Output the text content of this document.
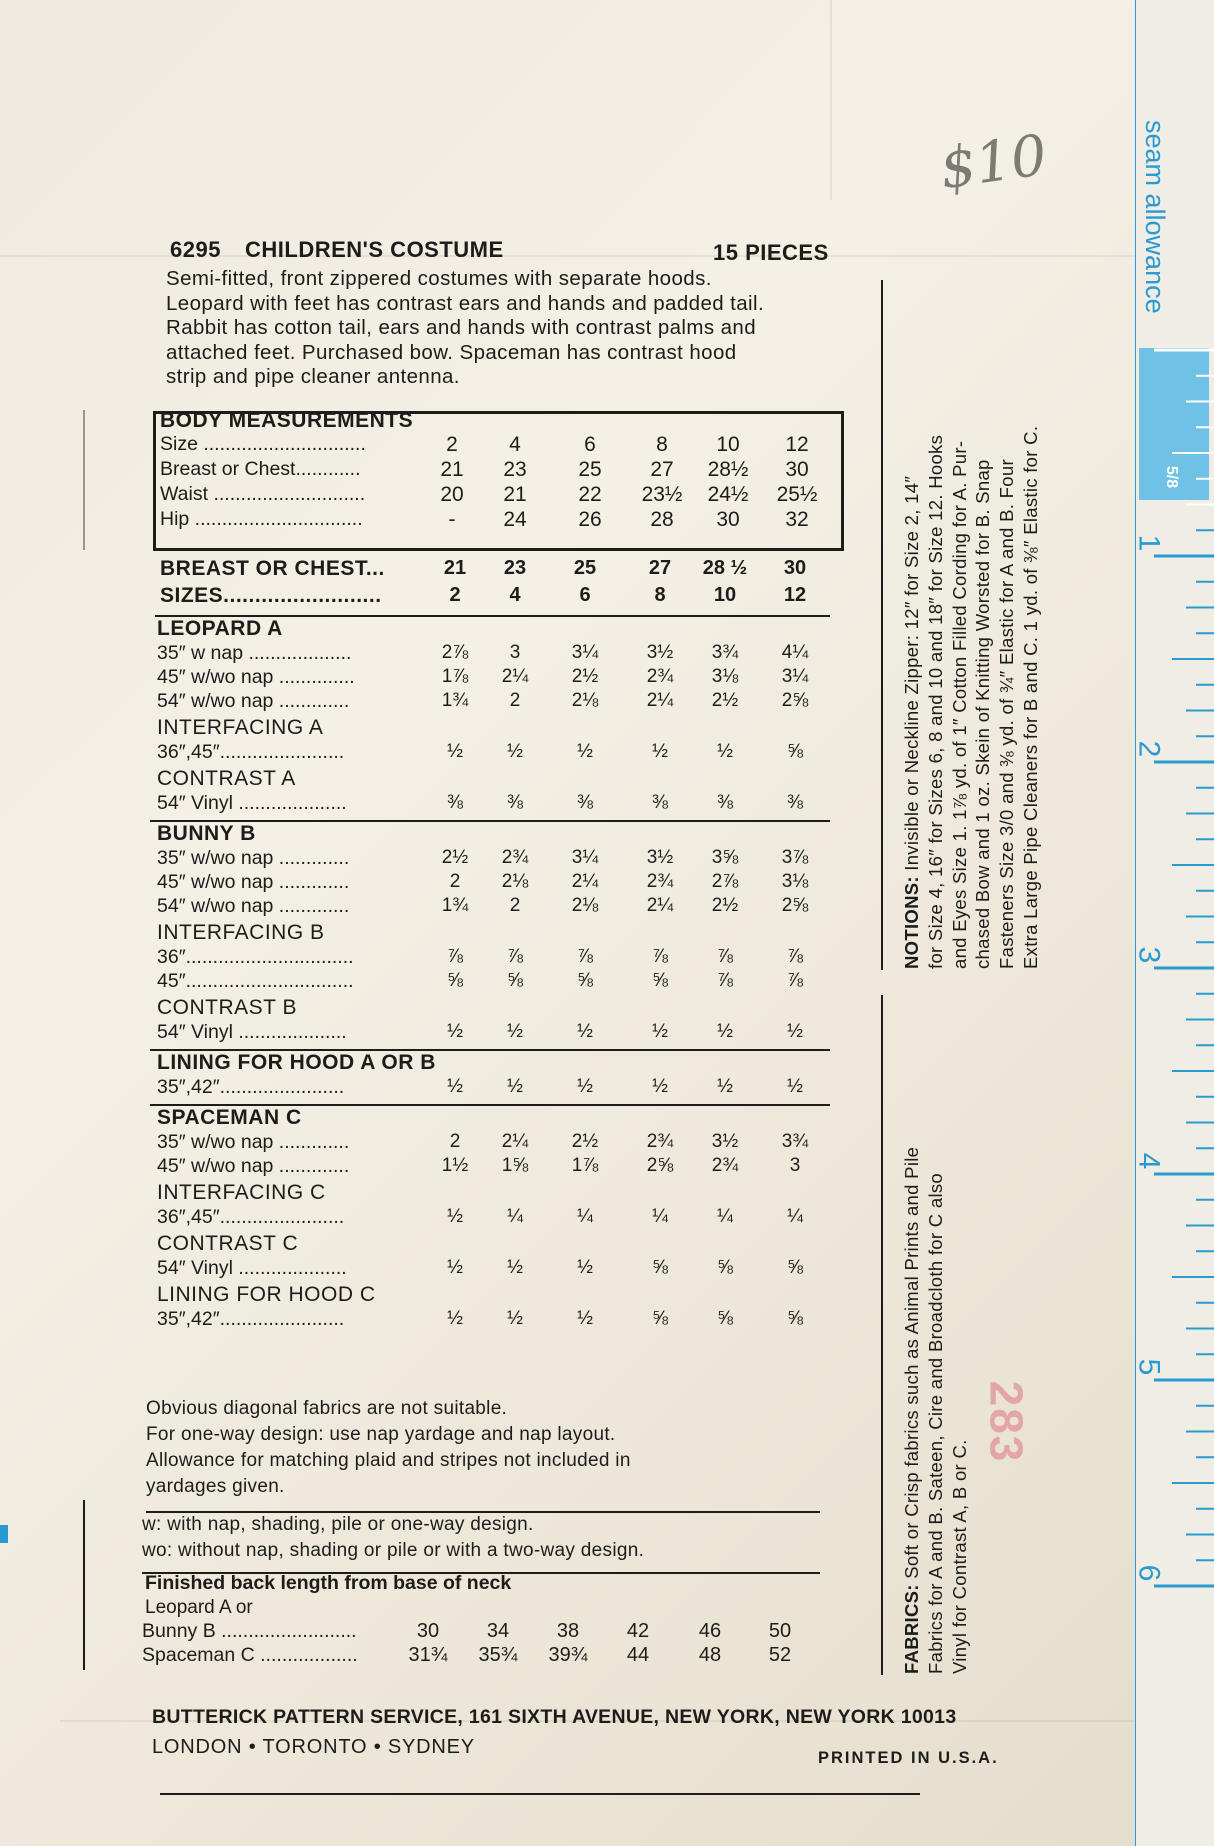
$10
283
6295 CHILDREN'S COSTUME	15 PIECES
Semi-fitted, front zippered costumes with separate hoods.
Leopard with feet has contrast ears and hands and padded tail.
Rabbit has cotton tail, ears and hands with contrast palms and
attached feet. Purchased bow. Spaceman has contrast hood
strip and pipe cleaner antenna.
BODY MEASUREMENTS
Size ..............................	2	4	6	8	10	12
Breast or Chest............	21	23	25	27	28½	30
Waist ............................	20	21	22	23½	24½	25½
Hip ...............................	-	24	26	28	30	32
BREAST OR CHEST...	21	23	25	27	28 ½	30
SIZES.........................	2	4	6	8	10	12
LEOPARD A
35″ w nap ...................	2⅞	3	3¼	3½	3¾	4¼
45″ w/wo nap ..............	1⅞	2¼	2½	2¾	3⅛	3¼
54″ w/wo nap .............	1¾	2	2⅛	2¼	2½	2⅝
INTERFACING A
36″,45″.......................	½	½	½	½	½	⅝
CONTRAST A
54″ Vinyl ....................	⅜	⅜	⅜	⅜	⅜	⅜
BUNNY B
35″ w/wo nap .............	2½	2¾	3¼	3½	3⅝	3⅞
45″ w/wo nap .............	2	2⅛	2¼	2¾	2⅞	3⅛
54″ w/wo nap .............	1¾	2	2⅛	2¼	2½	2⅝
INTERFACING B
36″...............................	⅞	⅞	⅞	⅞	⅞	⅞
45″...............................	⅝	⅝	⅝	⅝	⅞	⅞
CONTRAST B
54″ Vinyl ....................	½	½	½	½	½	½
LINING FOR HOOD A OR B
35″,42″.......................	½	½	½	½	½	½
SPACEMAN C
35″ w/wo nap .............	2	2¼	2½	2¾	3½	3¾
45″ w/wo nap .............	1½	1⅝	1⅞	2⅝	2¾	3
INTERFACING C
36″,45″.......................	½	¼	¼	¼	¼	¼
CONTRAST C
54″ Vinyl ....................	½	½	½	⅝	⅝	⅝
LINING FOR HOOD C
35″,42″.......................	½	½	½	⅝	⅝	⅝
Obvious diagonal fabrics are not suitable.
For one-way design: use nap yardage and nap layout.
Allowance for matching plaid and stripes not included in
yardages given.
w: with nap, shading, pile or one-way design.
wo: without nap, shading or pile or with a two-way design.
Finished back length from base of neck
Leopard A or
Bunny B .........................	30	34	38	42	46	50
Spaceman C ..................	31¾	35¾	39¾	44	48	52
BUTTERICK PATTERN SERVICE, 161 SIXTH AVENUE, NEW YORK, NEW YORK 10013
LONDON • TORONTO • SYDNEY	PRINTED IN U.S.A.
NOTIONS: Invisible or Neckline Zipper: 12″ for Size 2, 14″ for Size 4, 16″ for Sizes 6, 8 and 10 and 18″ for Size 12. Hooks and Eyes Size 1. 1⅞ yd. of 1″ Cotton Filled Cording for A. Pur- chased Bow and 1 oz. Skein of Knitting Worsted for B. Snap Fasteners Size 3/0 and ⅜ yd. of ¾″ Elastic for A and B. Four Extra Large Pipe Cleaners for B and C. 1 yd. of ⅜″ Elastic for C.
FABRICS: Soft or Crisp fabrics such as Animal Prints and Pile Fabrics for A and B. Sateen, Cire and Broadcloth for C also Vinyl for Contrast A, B or C.
seam allowance
5/8
1
2
3
4
5
6
